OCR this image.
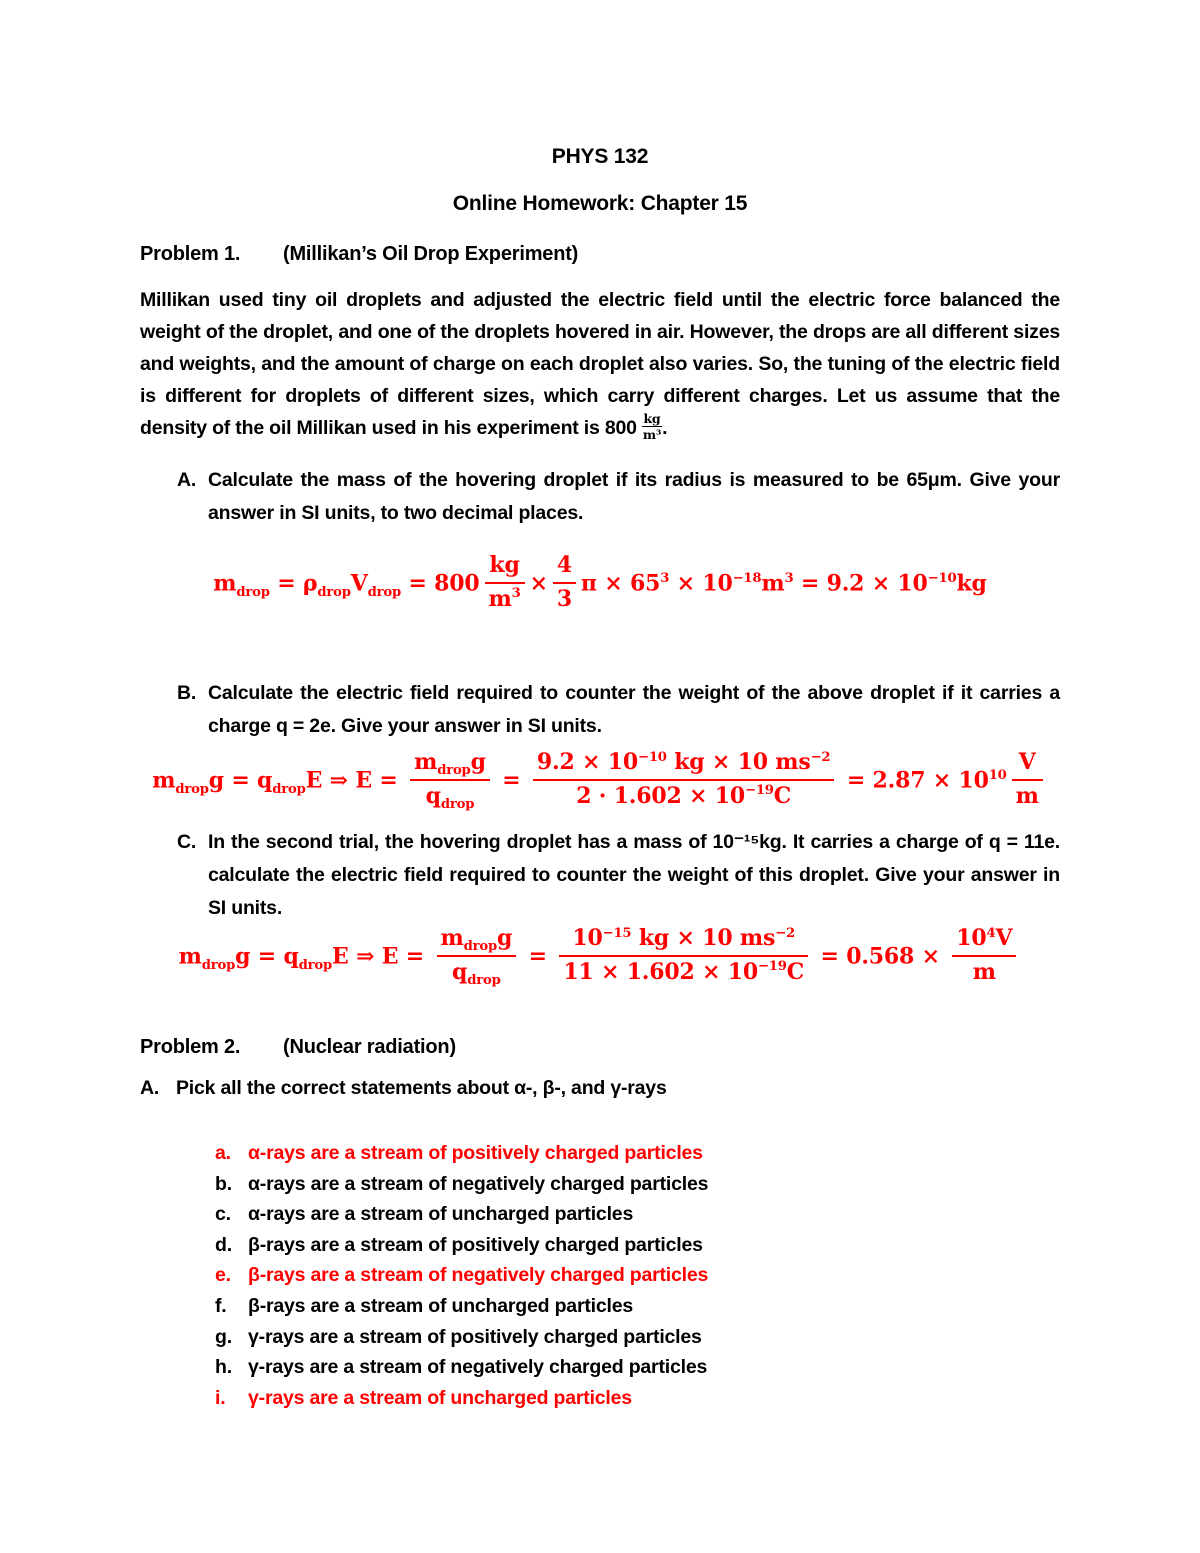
PHYS 132
Online Homework: Chapter 15
Problem 1.	(Millikan’s Oil Drop Experiment)

Millikan used tiny oil droplets and adjusted the electric field until the electric force balanced the weight of the droplet, and one of the droplets hovered in air. However, the drops are all different sizes and weights, and the amount of charge on each droplet also varies. So, the tuning of the electric field is different for droplets of different sizes, which carry different charges. Let us assume that the density of the oil Millikan used in his experiment is $800 \frac{kg}{\text{m³}}$ .

A. Calculate the mass of the hovering droplet if its radius is measured to be 65μm. Give your answer in SI units, to two decimal places.
$m_{drop} = \rho_{drop}V_{drop} = 800 \frac{kg}{m^3} \times \frac{4}{3}$ $\pi \times 65^3 \times 10^{-18}m^3 = 9.2 \times 10^{-10}kg$
B. Calculate the electric field required to counter the weight of the above droplet if it carries a charge q = 2e. Give your answer in SI units.
$m_{drop}g = q_{drop}E$ ⇒ $E = \frac{m_{drop}g}{q_{drop}} = \frac{9.2 \times 10^{-10} kg \times 10 ms^{-2}}{2 \cdot 1.602 \times 10^{-19}C} = 2.87 \times 10^{10} \frac{V}{m}$
C. In the second trial, the hovering droplet has a mass of 10⁻¹⁵kg. It carries a charge of q = 11e. calculate the electric field required to counter the weight of this droplet. Give your answer in SI units.
$m_{drop}g = q_{drop}E$ ⇒ $E = \frac{m_{drop}g}{q_{drop}} = \frac{10^{-15} kg \times 10 ms^{-2}}{11 \times 1.602 \times 10^{-19}C} = 0.568 \times \frac{10^4V}{m}$
Problem 2.	(Nuclear radiation)
A. Pick all the correct statements about α-, β-, and γ-rays
a. α-rays are a stream of positively charged particles
b. α-rays are a stream of negatively charged particles
c. α-rays are a stream of uncharged particles
d. β-rays are a stream of positively charged particles
e. β-rays are a stream of negatively charged particles
f.	β-rays are a stream of uncharged particles
g. γ-rays are a stream of positively charged particles
h. γ-rays are a stream of negatively charged particles
i.	γ-rays are a stream of uncharged particles
